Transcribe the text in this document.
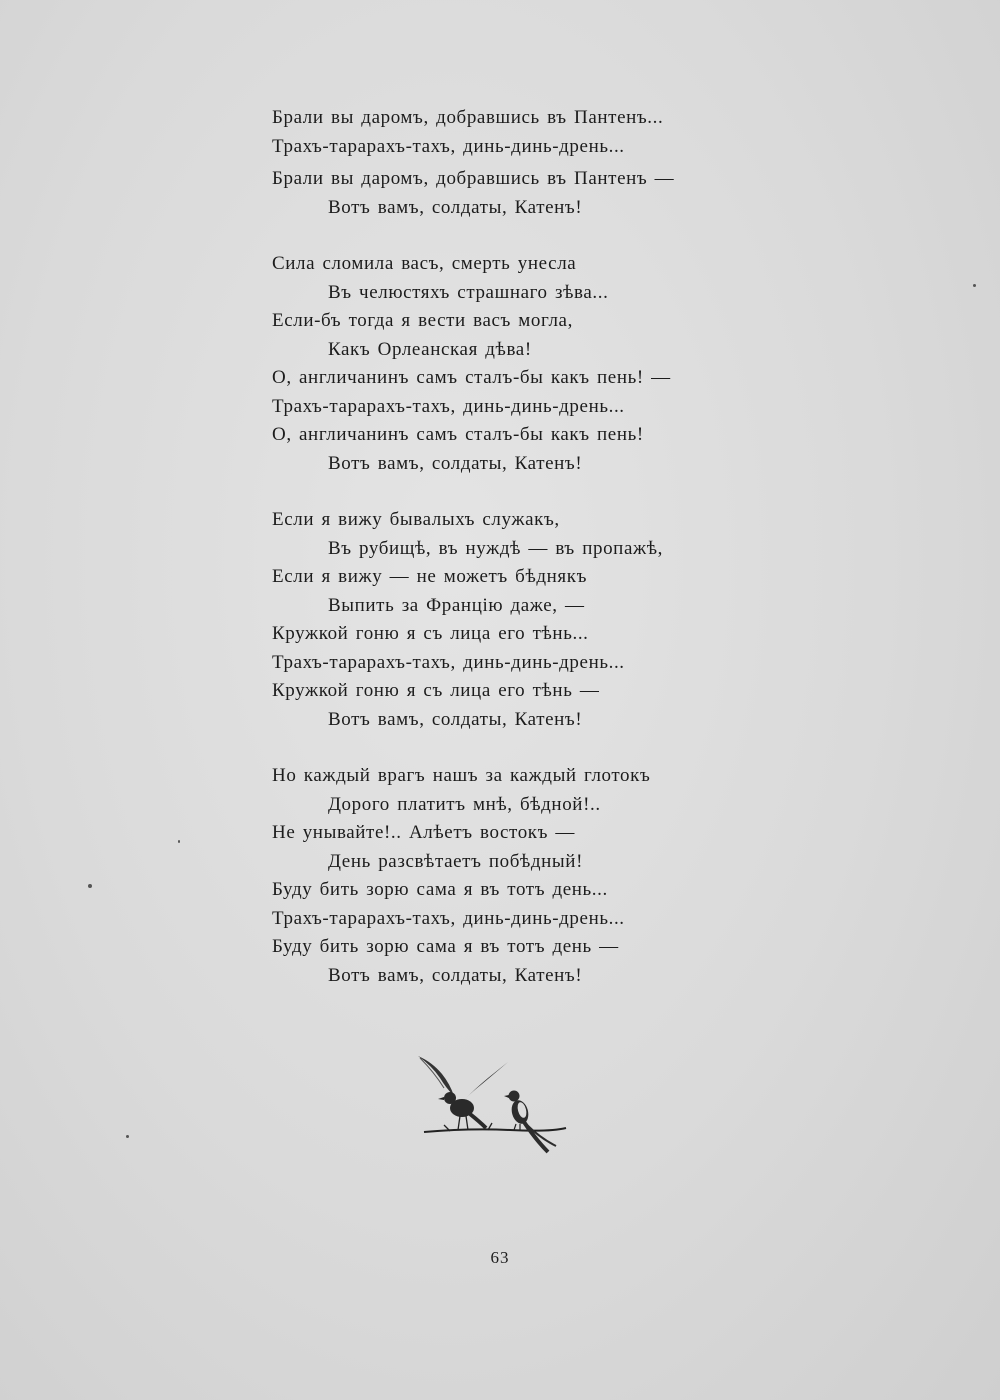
Брали вы даромъ, добравшись въ Пантенъ...
Трахъ-тарарахъ-тахъ, динь-динь-дрень...
Брали вы даромъ, добравшись въ Пантенъ —
Вотъ вамъ, солдаты, Катенъ!
Сила сломила васъ, смерть унесла
Въ челюстяхъ страшнаго зѣва...
Если-бъ тогда я вести васъ могла,
Какъ Орлеанская дѣва!
О, англичанинъ самъ сталъ-бы какъ пень! —
Трахъ-тарарахъ-тахъ, динь-динь-дрень...
О, англичанинъ самъ сталъ-бы какъ пень!
Вотъ вамъ, солдаты, Катенъ!
Если я вижу бывалыхъ служакъ,
Въ рубищѣ, въ нуждѣ — въ пропажѣ,
Если я вижу — не можетъ бѣднякъ
Выпить за Францію даже, —
Кружкой гоню я съ лица его тѣнь...
Трахъ-тарарахъ-тахъ, динь-динь-дрень...
Кружкой гоню я съ лица его тѣнь —
Вотъ вамъ, солдаты, Катенъ!
Но каждый врагъ нашъ за каждый глотокъ
Дорого платитъ мнѣ, бѣдной!..
Не унывайте!.. Алѣетъ востокъ —
День разсвѣтаетъ побѣдный!
Буду бить зорю сама я въ тотъ день...
Трахъ-тарарахъ-тахъ, динь-динь-дрень...
Буду бить зорю сама я въ тотъ день —
Вотъ вамъ, солдаты, Катенъ!
63
